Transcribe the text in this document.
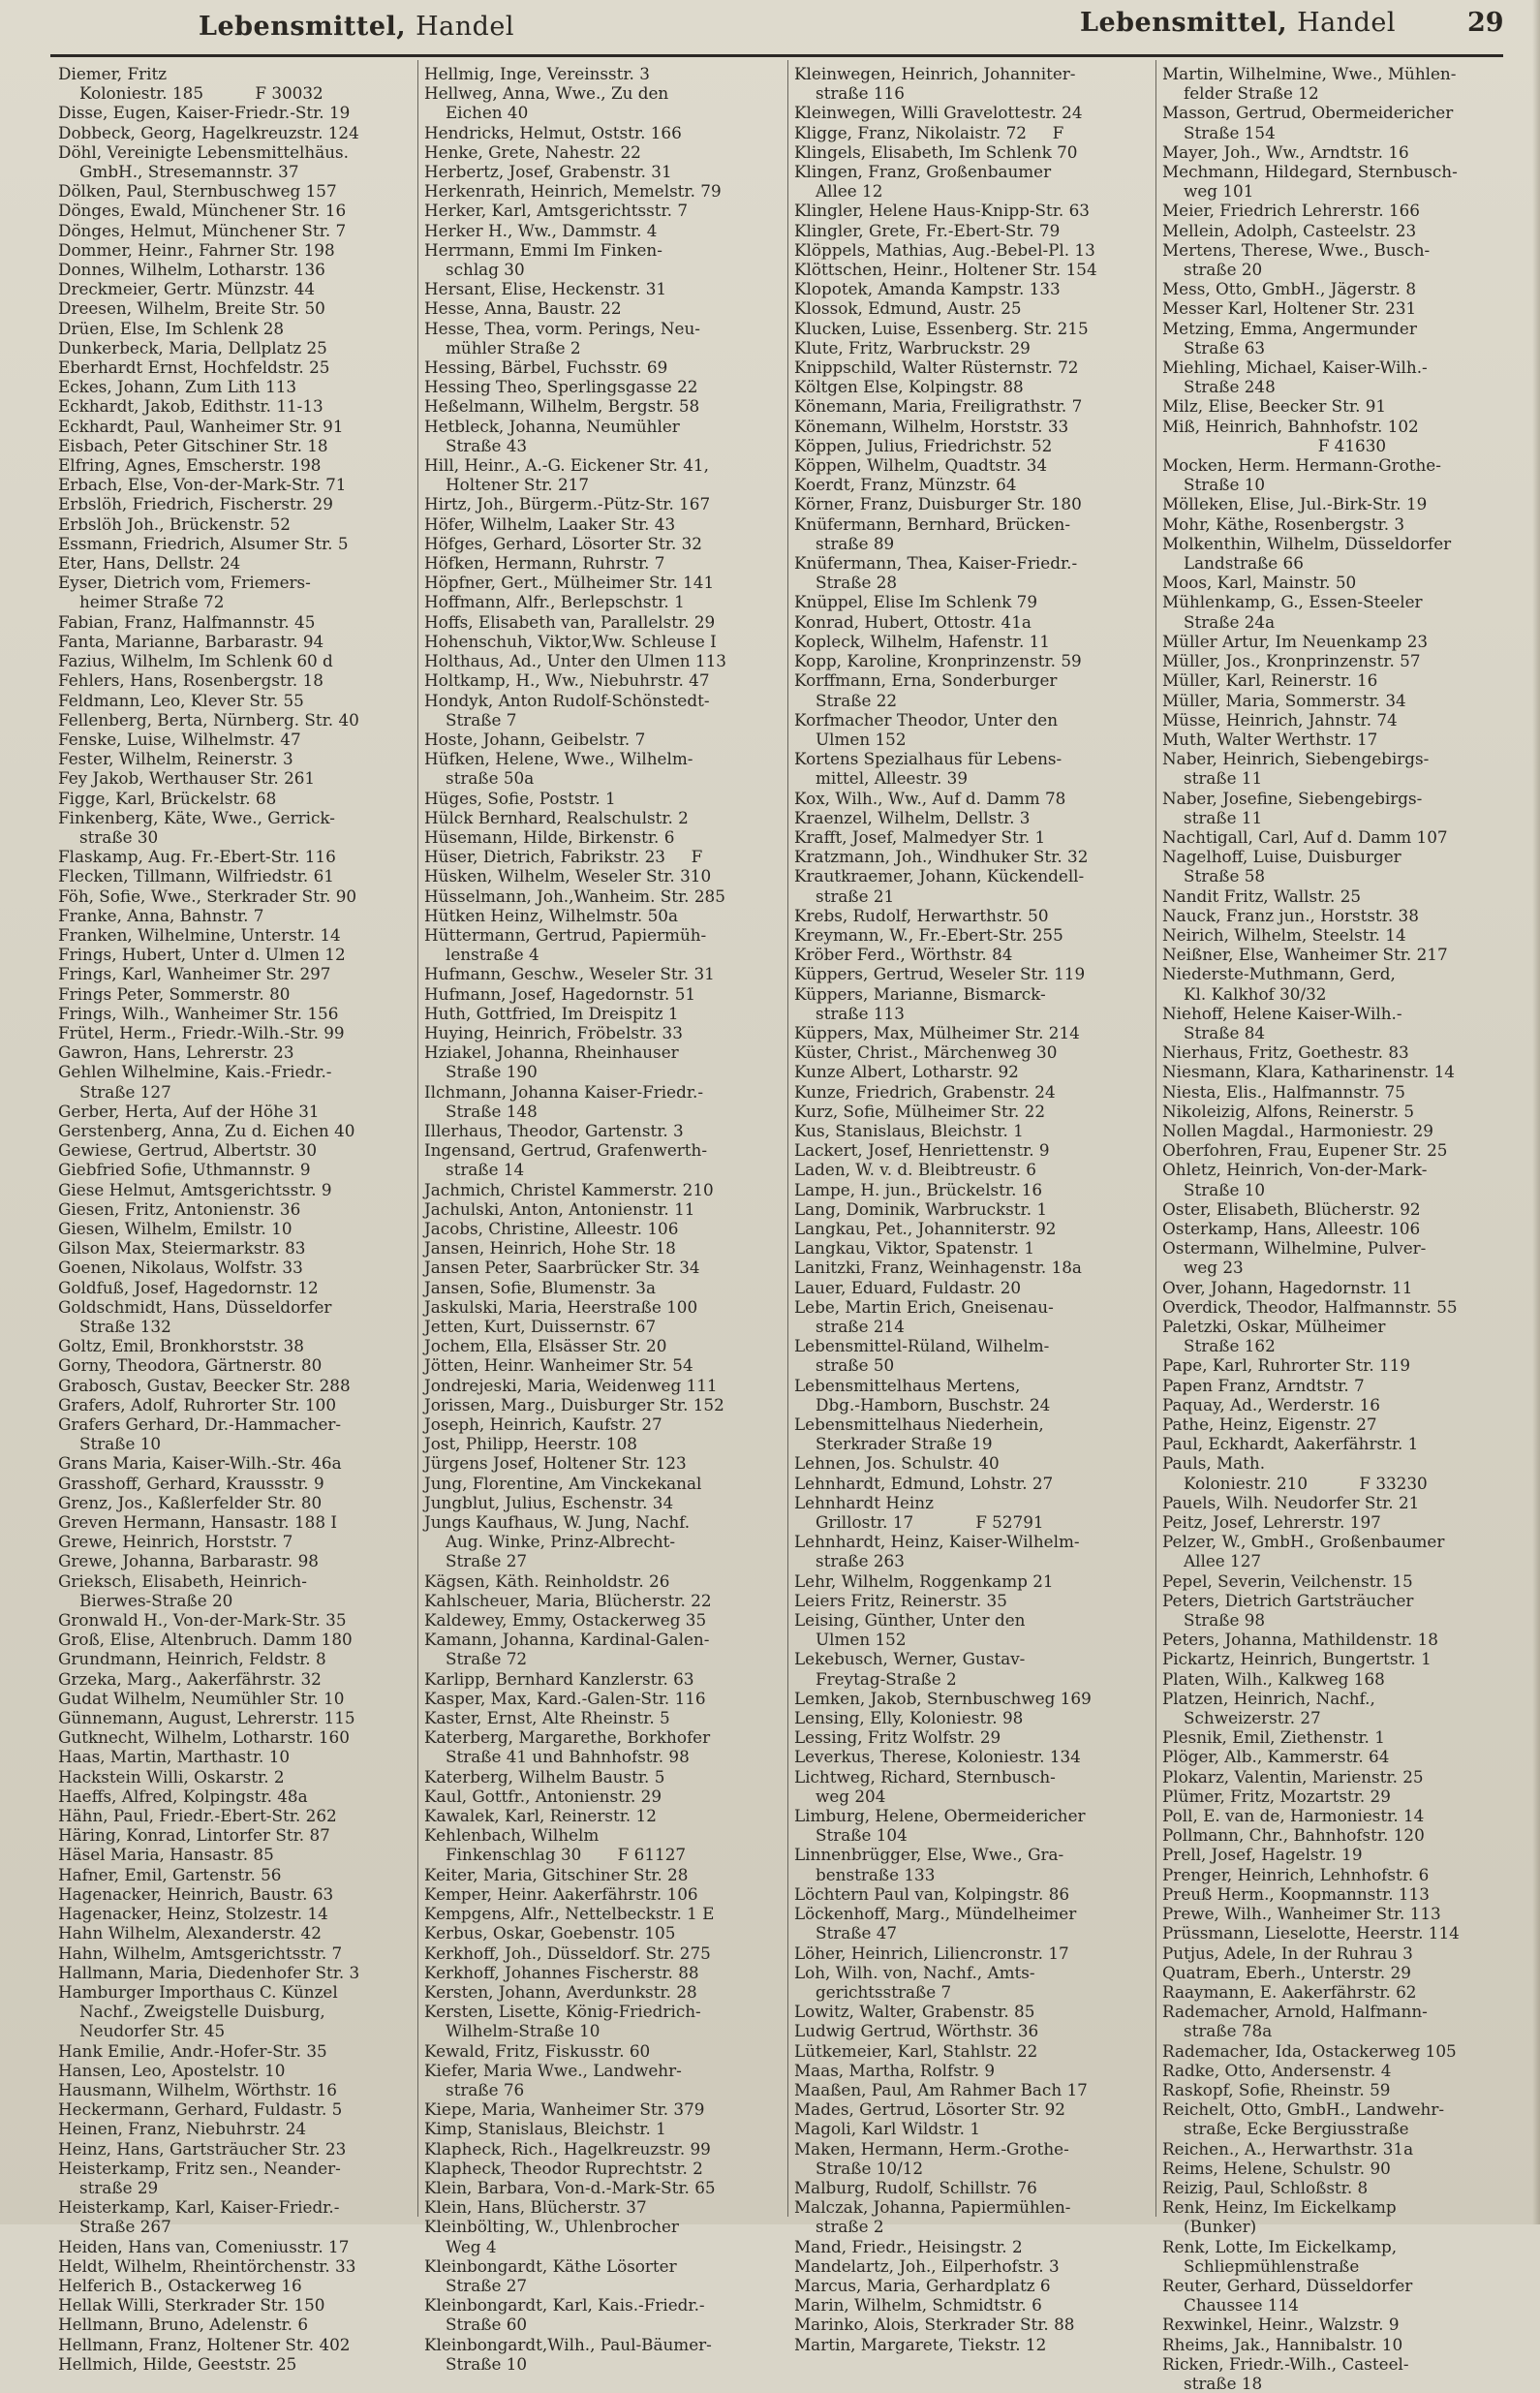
Lebensmittel, Handel	Lebensmittel, Handel	29
Diemer, Fritz
Koloniestr. 185          F 30032
Disse, Eugen, Kaiser-Friedr.-Str. 19
Dobbeck, Georg, Hagelkreuzstr. 124
Döhl, Vereinigte Lebensmittelhäus.
GmbH., Stresemannstr. 37
Dölken, Paul, Sternbuschweg 157
Dönges, Ewald, Münchener Str. 16
Dönges, Helmut, Münchener Str. 7
Dommer, Heinr., Fahrner Str. 198
Donnes, Wilhelm, Lotharstr. 136
Dreckmeier, Gertr. Münzstr. 44
Dreesen, Wilhelm, Breite Str. 50
Drüen, Else, Im Schlenk 28
Dunkerbeck, Maria, Dellplatz 25
Eberhardt Ernst, Hochfeldstr. 25
Eckes, Johann, Zum Lith 113
Eckhardt, Jakob, Edithstr. 11-13
Eckhardt, Paul, Wanheimer Str. 91
Eisbach, Peter Gitschiner Str. 18
Elfring, Agnes, Emscherstr. 198
Erbach, Else, Von-der-Mark-Str. 71
Erbslöh, Friedrich, Fischerstr. 29
Erbslöh Joh., Brückenstr. 52
Essmann, Friedrich, Alsumer Str. 5
Eter, Hans, Dellstr. 24
Eyser, Dietrich vom, Friemers-
heimer Straße 72
Fabian, Franz, Halfmannstr. 45
Fanta, Marianne, Barbarastr. 94
Fazius, Wilhelm, Im Schlenk 60 d
Fehlers, Hans, Rosenbergstr. 18
Feldmann, Leo, Klever Str. 55
Fellenberg, Berta, Nürnberg. Str. 40
Fenske, Luise, Wilhelmstr. 47
Fester, Wilhelm, Reinerstr. 3
Fey Jakob, Werthauser Str. 261
Figge, Karl, Brückelstr. 68
Finkenberg, Käte, Wwe., Gerrick-
straße 30
Flaskamp, Aug. Fr.-Ebert-Str. 116
Flecken, Tillmann, Wilfriedstr. 61
Föh, Sofie, Wwe., Sterkrader Str. 90
Franke, Anna, Bahnstr. 7
Franken, Wilhelmine, Unterstr. 14
Frings, Hubert, Unter d. Ulmen 12
Frings, Karl, Wanheimer Str. 297
Frings Peter, Sommerstr. 80
Frings, Wilh., Wanheimer Str. 156
Frütel, Herm., Friedr.-Wilh.-Str. 99
Gawron, Hans, Lehrerstr. 23
Gehlen Wilhelmine, Kais.-Friedr.-
Straße 127
Gerber, Herta, Auf der Höhe 31
Gerstenberg, Anna, Zu d. Eichen 40
Gewiese, Gertrud, Albertstr. 30
Giebfried Sofie, Uthmannstr. 9
Giese Helmut, Amtsgerichtsstr. 9
Giesen, Fritz, Antonienstr. 36
Giesen, Wilhelm, Emilstr. 10
Gilson Max, Steiermarkstr. 83
Goenen, Nikolaus, Wolfstr. 33
Goldfuß, Josef, Hagedornstr. 12
Goldschmidt, Hans, Düsseldorfer
Straße 132
Goltz, Emil, Bronkhorststr. 38
Gorny, Theodora, Gärtnerstr. 80
Grabosch, Gustav, Beecker Str. 288
Grafers, Adolf, Ruhrorter Str. 100
Grafers Gerhard, Dr.-Hammacher-
Straße 10
Grans Maria, Kaiser-Wilh.-Str. 46a
Grasshoff, Gerhard, Kraussstr. 9
Grenz, Jos., Kaßlerfelder Str. 80
Greven Hermann, Hansastr. 188 I
Grewe, Heinrich, Horststr. 7
Grewe, Johanna, Barbarastr. 98
Grieksch, Elisabeth, Heinrich-
Bierwes-Straße 20
Gronwald H., Von-der-Mark-Str. 35
Groß, Elise, Altenbruch. Damm 180
Grundmann, Heinrich, Feldstr. 8
Grzeka, Marg., Aakerfährstr. 32
Gudat Wilhelm, Neumühler Str. 10
Günnemann, August, Lehrerstr. 115
Gutknecht, Wilhelm, Lotharstr. 160
Haas, Martin, Marthastr. 10
Hackstein Willi, Oskarstr. 2
Haeffs, Alfred, Kolpingstr. 48a
Hähn, Paul, Friedr.-Ebert-Str. 262
Häring, Konrad, Lintorfer Str. 87
Häsel Maria, Hansastr. 85
Hafner, Emil, Gartenstr. 56
Hagenacker, Heinrich, Baustr. 63
Hagenacker, Heinz, Stolzestr. 14
Hahn Wilhelm, Alexanderstr. 42
Hahn, Wilhelm, Amtsgerichtsstr. 7
Hallmann, Maria, Diedenhofer Str. 3
Hamburger Importhaus C. Künzel
Nachf., Zweigstelle Duisburg,
Neudorfer Str. 45
Hank Emilie, Andr.-Hofer-Str. 35
Hansen, Leo, Apostelstr. 10
Hausmann, Wilhelm, Wörthstr. 16
Heckermann, Gerhard, Fuldastr. 5
Heinen, Franz, Niebuhrstr. 24
Heinz, Hans, Gartsträucher Str. 23
Heisterkamp, Fritz sen., Neander-
straße 29
Heisterkamp, Karl, Kaiser-Friedr.-
Straße 267
Heiden, Hans van, Comeniusstr. 17
Heldt, Wilhelm, Rheintörchenstr. 33
Helferich B., Ostackerweg 16
Hellak Willi, Sterkrader Str. 150
Hellmann, Bruno, Adelenstr. 6
Hellmann, Franz, Holtener Str. 402
Hellmich, Hilde, Geeststr. 25
Hellmig, Inge, Vereinsstr. 3
Hellweg, Anna, Wwe., Zu den
Eichen 40
Hendricks, Helmut, Oststr. 166
Henke, Grete, Nahestr. 22
Herbertz, Josef, Grabenstr. 31
Herkenrath, Heinrich, Memelstr. 79
Herker, Karl, Amtsgerichtsstr. 7
Herker H., Ww., Dammstr. 4
Herrmann, Emmi Im Finken-
schlag 30
Hersant, Elise, Heckenstr. 31
Hesse, Anna, Baustr. 22
Hesse, Thea, vorm. Perings, Neu-
mühler Straße 2
Hessing, Bärbel, Fuchsstr. 69
Hessing Theo, Sperlingsgasse 22
Heßelmann, Wilhelm, Bergstr. 58
Hetbleck, Johanna, Neumühler
Straße 43
Hill, Heinr., A.-G. Eickener Str. 41,
Holtener Str. 217
Hirtz, Joh., Bürgerm.-Pütz-Str. 167
Höfer, Wilhelm, Laaker Str. 43
Höfges, Gerhard, Lösorter Str. 32
Höfken, Hermann, Ruhrstr. 7
Höpfner, Gert., Mülheimer Str. 141
Hoffmann, Alfr., Berlepschstr. 1
Hoffs, Elisabeth van, Parallelstr. 29
Hohenschuh, Viktor,Ww. Schleuse I
Holthaus, Ad., Unter den Ulmen 113
Holtkamp, H., Ww., Niebuhrstr. 47
Hondyk, Anton Rudolf-Schönstedt-
Straße 7
Hoste, Johann, Geibelstr. 7
Hüfken, Helene, Wwe., Wilhelm-
straße 50a
Hüges, Sofie, Poststr. 1
Hülck Bernhard, Realschulstr. 2
Hüsemann, Hilde, Birkenstr. 6
Hüser, Dietrich, Fabrikstr. 23     F
Hüsken, Wilhelm, Weseler Str. 310
Hüsselmann, Joh.,Wanheim. Str. 285
Hütken Heinz, Wilhelmstr. 50a
Hüttermann, Gertrud, Papiermüh-
lenstraße 4
Hufmann, Geschw., Weseler Str. 31
Hufmann, Josef, Hagedornstr. 51
Huth, Gottfried, Im Dreispitz 1
Huying, Heinrich, Fröbelstr. 33
Hziakel, Johanna, Rheinhauser
Straße 190
Ilchmann, Johanna Kaiser-Friedr.-
Straße 148
Illerhaus, Theodor, Gartenstr. 3
Ingensand, Gertrud, Grafenwerth-
straße 14
Jachmich, Christel Kammerstr. 210
Jachulski, Anton, Antonienstr. 11
Jacobs, Christine, Alleestr. 106
Jansen, Heinrich, Hohe Str. 18
Jansen Peter, Saarbrücker Str. 34
Jansen, Sofie, Blumenstr. 3a
Jaskulski, Maria, Heerstraße 100
Jetten, Kurt, Duissernstr. 67
Jochem, Ella, Elsässer Str. 20
Jötten, Heinr. Wanheimer Str. 54
Jondrejeski, Maria, Weidenweg 111
Jorissen, Marg., Duisburger Str. 152
Joseph, Heinrich, Kaufstr. 27
Jost, Philipp, Heerstr. 108
Jürgens Josef, Holtener Str. 123
Jung, Florentine, Am Vinckekanal
Jungblut, Julius, Eschenstr. 34
Jungs Kaufhaus, W. Jung, Nachf.
Aug. Winke, Prinz-Albrecht-
Straße 27
Kägsen, Käth. Reinholdstr. 26
Kahlscheuer, Maria, Blücherstr. 22
Kaldewey, Emmy, Ostackerweg 35
Kamann, Johanna, Kardinal-Galen-
Straße 72
Karlipp, Bernhard Kanzlerstr. 63
Kasper, Max, Kard.-Galen-Str. 116
Kaster, Ernst, Alte Rheinstr. 5
Katerberg, Margarethe, Borkhofer
Straße 41 und Bahnhofstr. 98
Katerberg, Wilhelm Baustr. 5
Kaul, Gottfr., Antonienstr. 29
Kawalek, Karl, Reinerstr. 12
Kehlenbach, Wilhelm
Finkenschlag 30       F 61127
Keiter, Maria, Gitschiner Str. 28
Kemper, Heinr. Aakerfährstr. 106
Kempgens, Alfr., Nettelbeckstr. 1 E
Kerbus, Oskar, Goebenstr. 105
Kerkhoff, Joh., Düsseldorf. Str. 275
Kerkhoff, Johannes Fischerstr. 88
Kersten, Johann, Averdunkstr. 28
Kersten, Lisette, König-Friedrich-
Wilhelm-Straße 10
Kewald, Fritz, Fiskusstr. 60
Kiefer, Maria Wwe., Landwehr-
straße 76
Kiepe, Maria, Wanheimer Str. 379
Kimp, Stanislaus, Bleichstr. 1
Klapheck, Rich., Hagelkreuzstr. 99
Klapheck, Theodor Ruprechtstr. 2
Klein, Barbara, Von-d.-Mark-Str. 65
Klein, Hans, Blücherstr. 37
Kleinbölting, W., Uhlenbrocher
Weg 4
Kleinbongardt, Käthe Lösorter
Straße 27
Kleinbongardt, Karl, Kais.-Friedr.-
Straße 60
Kleinbongardt,Wilh., Paul-Bäumer-
Straße 10
Kleinwegen, Heinrich, Johanniter-
straße 116
Kleinwegen, Willi Gravelottestr. 24
Kligge, Franz, Nikolaistr. 72     F
Klingels, Elisabeth, Im Schlenk 70
Klingen, Franz, Großenbaumer
Allee 12
Klingler, Helene Haus-Knipp-Str. 63
Klingler, Grete, Fr.-Ebert-Str. 79
Klöppels, Mathias, Aug.-Bebel-Pl. 13
Klöttschen, Heinr., Holtener Str. 154
Klopotek, Amanda Kampstr. 133
Klossok, Edmund, Austr. 25
Klucken, Luise, Essenberg. Str. 215
Klute, Fritz, Warbruckstr. 29
Knippschild, Walter Rüsternstr. 72
Költgen Else, Kolpingstr. 88
Könemann, Maria, Freiligrathstr. 7
Könemann, Wilhelm, Horststr. 33
Köppen, Julius, Friedrichstr. 52
Köppen, Wilhelm, Quadtstr. 34
Koerdt, Franz, Münzstr. 64
Körner, Franz, Duisburger Str. 180
Knüfermann, Bernhard, Brücken-
straße 89
Knüfermann, Thea, Kaiser-Friedr.-
Straße 28
Knüppel, Elise Im Schlenk 79
Konrad, Hubert, Ottostr. 41a
Kopleck, Wilhelm, Hafenstr. 11
Kopp, Karoline, Kronprinzenstr. 59
Korffmann, Erna, Sonderburger
Straße 22
Korfmacher Theodor, Unter den
Ulmen 152
Kortens Spezialhaus für Lebens-
mittel, Alleestr. 39
Kox, Wilh., Ww., Auf d. Damm 78
Kraenzel, Wilhelm, Dellstr. 3
Krafft, Josef, Malmedyer Str. 1
Kratzmann, Joh., Windhuker Str. 32
Krautkraemer, Johann, Kückendell-
straße 21
Krebs, Rudolf, Herwarthstr. 50
Kreymann, W., Fr.-Ebert-Str. 255
Kröber Ferd., Wörthstr. 84
Küppers, Gertrud, Weseler Str. 119
Küppers, Marianne, Bismarck-
straße 113
Küppers, Max, Mülheimer Str. 214
Küster, Christ., Märchenweg 30
Kunze Albert, Lotharstr. 92
Kunze, Friedrich, Grabenstr. 24
Kurz, Sofie, Mülheimer Str. 22
Kus, Stanislaus, Bleichstr. 1
Lackert, Josef, Henriettenstr. 9
Laden, W. v. d. Bleibtreustr. 6
Lampe, H. jun., Brückelstr. 16
Lang, Dominik, Warbruckstr. 1
Langkau, Pet., Johanniterstr. 92
Langkau, Viktor, Spatenstr. 1
Lanitzki, Franz, Weinhagenstr. 18a
Lauer, Eduard, Fuldastr. 20
Lebe, Martin Erich, Gneisenau-
straße 214
Lebensmittel-Rüland, Wilhelm-
straße 50
Lebensmittelhaus Mertens,
Dbg.-Hamborn, Buschstr. 24
Lebensmittelhaus Niederhein,
Sterkrader Straße 19
Lehnen, Jos. Schulstr. 40
Lehnhardt, Edmund, Lohstr. 27
Lehnhardt Heinz
Grillostr. 17            F 52791
Lehnhardt, Heinz, Kaiser-Wilhelm-
straße 263
Lehr, Wilhelm, Roggenkamp 21
Leiers Fritz, Reinerstr. 35
Leising, Günther, Unter den
Ulmen 152
Lekebusch, Werner, Gustav-
Freytag-Straße 2
Lemken, Jakob, Sternbuschweg 169
Lensing, Elly, Koloniestr. 98
Lessing, Fritz Wolfstr. 29
Leverkus, Therese, Koloniestr. 134
Lichtweg, Richard, Sternbusch-
weg 204
Limburg, Helene, Obermeidericher
Straße 104
Linnenbrügger, Else, Wwe., Gra-
benstraße 133
Löchtern Paul van, Kolpingstr. 86
Löckenhoff, Marg., Mündelheimer
Straße 47
Löher, Heinrich, Liliencronstr. 17
Loh, Wilh. von, Nachf., Amts-
gerichtsstraße 7
Lowitz, Walter, Grabenstr. 85
Ludwig Gertrud, Wörthstr. 36
Lütkemeier, Karl, Stahlstr. 22
Maas, Martha, Rolfstr. 9
Maaßen, Paul, Am Rahmer Bach 17
Mades, Gertrud, Lösorter Str. 92
Magoli, Karl Wildstr. 1
Maken, Hermann, Herm.-Grothe-
Straße 10/12
Malburg, Rudolf, Schillstr. 76
Malczak, Johanna, Papiermühlen-
straße 2
Mand, Friedr., Heisingstr. 2
Mandelartz, Joh., Eilperhofstr. 3
Marcus, Maria, Gerhardplatz 6
Marin, Wilhelm, Schmidtstr. 6
Marinko, Alois, Sterkrader Str. 88
Martin, Margarete, Tiekstr. 12
Martin, Wilhelmine, Wwe., Mühlen-
felder Straße 12
Masson, Gertrud, Obermeidericher
Straße 154
Mayer, Joh., Ww., Arndtstr. 16
Mechmann, Hildegard, Sternbusch-
weg 101
Meier, Friedrich Lehrerstr. 166
Mellein, Adolph, Casteelstr. 23
Mertens, Therese, Wwe., Busch-
straße 20
Mess, Otto, GmbH., Jägerstr. 8
Messer Karl, Holtener Str. 231
Metzing, Emma, Angermunder
Straße 63
Miehling, Michael, Kaiser-Wilh.-
Straße 248
Milz, Elise, Beecker Str. 91
Miß, Heinrich, Bahnhofstr. 102
F 41630
Mocken, Herm. Hermann-Grothe-
Straße 10
Mölleken, Elise, Jul.-Birk-Str. 19
Mohr, Käthe, Rosenbergstr. 3
Molkenthin, Wilhelm, Düsseldorfer
Landstraße 66
Moos, Karl, Mainstr. 50
Mühlenkamp, G., Essen-Steeler
Straße 24a
Müller Artur, Im Neuenkamp 23
Müller, Jos., Kronprinzenstr. 57
Müller, Karl, Reinerstr. 16
Müller, Maria, Sommerstr. 34
Müsse, Heinrich, Jahnstr. 74
Muth, Walter Werthstr. 17
Naber, Heinrich, Siebengebirgs-
straße 11
Naber, Josefine, Siebengebirgs-
straße 11
Nachtigall, Carl, Auf d. Damm 107
Nagelhoff, Luise, Duisburger
Straße 58
Nandit Fritz, Wallstr. 25
Nauck, Franz jun., Horststr. 38
Neirich, Wilhelm, Steelstr. 14
Neißner, Else, Wanheimer Str. 217
Niederste-Muthmann, Gerd,
Kl. Kalkhof 30/32
Niehoff, Helene Kaiser-Wilh.-
Straße 84
Nierhaus, Fritz, Goethestr. 83
Niesmann, Klara, Katharinenstr. 14
Niesta, Elis., Halfmannstr. 75
Nikoleizig, Alfons, Reinerstr. 5
Nollen Magdal., Harmoniestr. 29
Oberfohren, Frau, Eupener Str. 25
Ohletz, Heinrich, Von-der-Mark-
Straße 10
Oster, Elisabeth, Blücherstr. 92
Osterkamp, Hans, Alleestr. 106
Ostermann, Wilhelmine, Pulver-
weg 23
Over, Johann, Hagedornstr. 11
Overdick, Theodor, Halfmannstr. 55
Paletzki, Oskar, Mülheimer
Straße 162
Pape, Karl, Ruhrorter Str. 119
Papen Franz, Arndtstr. 7
Paquay, Ad., Werderstr. 16
Pathe, Heinz, Eigenstr. 27
Paul, Eckhardt, Aakerfährstr. 1
Pauls, Math.
Koloniestr. 210          F 33230
Pauels, Wilh. Neudorfer Str. 21
Peitz, Josef, Lehrerstr. 197
Pelzer, W., GmbH., Großenbaumer
Allee 127
Pepel, Severin, Veilchenstr. 15
Peters, Dietrich Gartsträucher
Straße 98
Peters, Johanna, Mathildenstr. 18
Pickartz, Heinrich, Bungertstr. 1
Platen, Wilh., Kalkweg 168
Platzen, Heinrich, Nachf.,
Schweizerstr. 27
Plesnik, Emil, Ziethenstr. 1
Plöger, Alb., Kammerstr. 64
Plokarz, Valentin, Marienstr. 25
Plümer, Fritz, Mozartstr. 29
Poll, E. van de, Harmoniestr. 14
Pollmann, Chr., Bahnhofstr. 120
Prell, Josef, Hagelstr. 19
Prenger, Heinrich, Lehnhofstr. 6
Preuß Herm., Koopmannstr. 113
Prewe, Wilh., Wanheimer Str. 113
Prüssmann, Lieselotte, Heerstr. 114
Putjus, Adele, In der Ruhrau 3
Quatram, Eberh., Unterstr. 29
Raaymann, E. Aakerfährstr. 62
Rademacher, Arnold, Halfmann-
straße 78a
Rademacher, Ida, Ostackerweg 105
Radke, Otto, Andersenstr. 4
Raskopf, Sofie, Rheinstr. 59
Reichelt, Otto, GmbH., Landwehr-
straße, Ecke Bergiusstraße
Reichen., A., Herwarthstr. 31a
Reims, Helene, Schulstr. 90
Reizig, Paul, Schloßstr. 8
Renk, Heinz, Im Eickelkamp
(Bunker)
Renk, Lotte, Im Eickelkamp,
Schliepmühlenstraße
Reuter, Gerhard, Düsseldorfer
Chaussee 114
Rexwinkel, Heinr., Walzstr. 9
Rheims, Jak., Hannibalstr. 10
Ricken, Friedr.-Wilh., Casteel-
straße 18
